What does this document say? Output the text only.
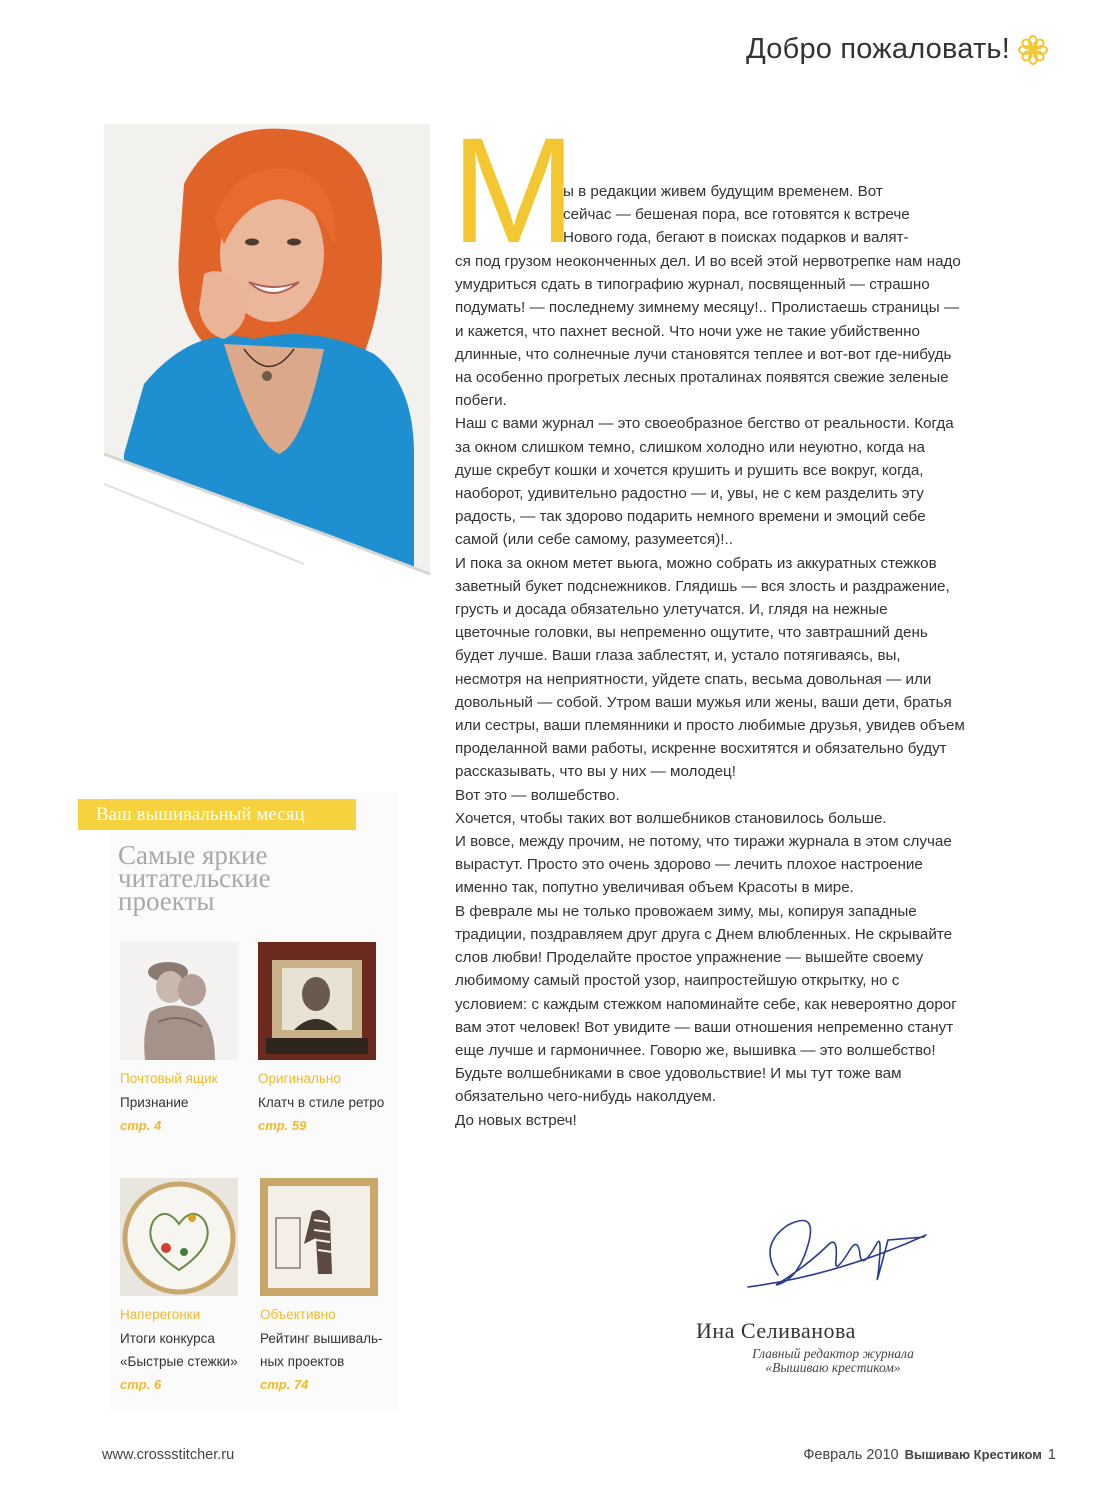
Добро пожаловать!
М

ы в редакции живем будущим временем. Вот

сейчас — бешеная пора, все готовятся к встрече

Нового года, бегают в поисках подарков и валят-

ся под грузом неоконченных дел. И во всей этой нервотрепке нам надо умудриться сдать в типографию журнал, посвященный — страшно подумать! — последнему зимнему месяцу!.. Пролистаешь страницы — и кажется, что пахнет весной. Что ночи уже не такие убийственно длинные, что солнечные лучи становятся теплее и вот-вот где-нибудь на особенно прогретых лесных проталинах появятся свежие зеленые побеги.

Наш с вами журнал — это своеобразное бегство от реальности. Когда за окном слишком темно, слишком холодно или неуютно, когда на душе скребут кошки и хочется крушить и рушить все вокруг, когда, наоборот, удивительно радостно — и, увы, не с кем разделить эту радость, — так здорово подарить немного времени и эмоций себе самой (или себе самому, разумеется)!..

И пока за окном метет вьюга, можно собрать из аккуратных стежков заветный букет подснежников. Глядишь — вся злость и раздражение, грусть и досада обязательно улетучатся. И, глядя на нежные цветочные головки, вы непременно ощутите, что завтрашний день будет лучше. Ваши глаза заблестят, и, устало потягиваясь, вы, несмотря на неприятности, уйдете спать, весьма довольная — или довольный — собой. Утром ваши мужья или жены, ваши дети, братья или сестры, ваши племянники и просто любимые друзья, увидев объем проделанной вами работы, искренне восхитятся и обязательно будут рассказывать, что вы у них — молодец!

Вот это — волшебство.

Хочется, чтобы таких вот волшебников становилось больше.

И вовсе, между прочим, не потому, что тиражи журнала в этом случае вырастут. Просто это очень здорово — лечить плохое настроение именно так, попутно увеличивая объем Красоты в мире.

В феврале мы не только провожаем зиму, мы, копируя западные традиции, поздравляем друг друга с Днем влюбленных. Не скрывайте слов любви! Проделайте простое упражнение — вышейте своему любимому самый простой узор, наипростейшую открытку, но с условием: с каждым стежком напоминайте себе, как невероятно дорог вам этот человек! Вот увидите — ваши отношения непременно станут еще лучше и гармоничнее. Говорю же, вышивка — это волшебство!

Будьте волшебниками в свое удовольствие! И мы тут тоже вам обязательно чего-нибудь наколдуем.

До новых встреч!

Ваш вышивальный месяц
Самые яркие
читательские
проекты
Почтовый ящик
Признание
стр. 4
Оригинально
Клатч в стиле ретро
стр. 59
Наперегонки
Итоги конкурса «Быстрые стежки» стр. 6
Объективно
Рейтинг вышивальных проектов
стр. 74
Ина Селиванова
Главный редактор журнала
«Вышиваю крестиком»
www.crossstitcher.ru	Февраль 2010 Вышиваю Крестиком 1
